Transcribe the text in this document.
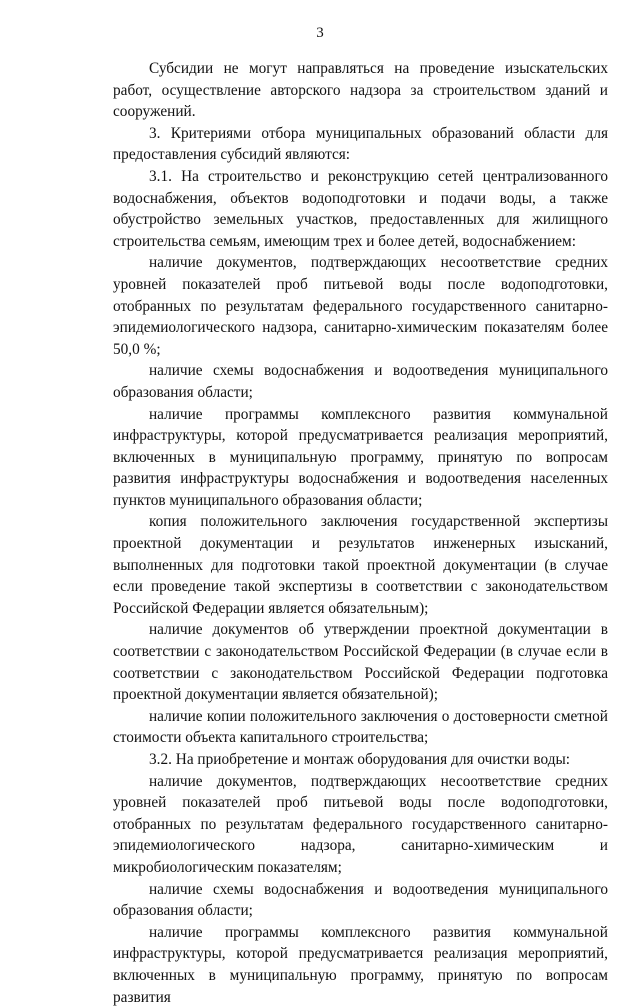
3

Субсидии не могут направляться на проведение изыскательских работ, осуществление авторского надзора за строительством зданий и сооружений.

3. Критериями отбора муниципальных образований области для предоставления субсидий являются:

3.1. На строительство и реконструкцию сетей централизованного водоснабжения, объектов водоподготовки и подачи воды, а также обустройство земельных участков, предоставленных для жилищного строительства семьям, имеющим трех и более детей, водоснабжением:

наличие документов, подтверждающих несоответствие средних уровней показателей проб питьевой воды после водоподготовки, отобранных по результатам федерального государственного санитарно-эпидемиологического надзора, санитарно-химическим показателям более 50,0 %;

наличие схемы водоснабжения и водоотведения муниципального образования области;

наличие программы комплексного развития коммунальной инфраструктуры, которой предусматривается реализация мероприятий, включенных в муниципальную программу, принятую по вопросам развития инфраструктуры водоснабжения и водоотведения населенных пунктов муниципального образования области;

копия положительного заключения государственной экспертизы проектной документации и результатов инженерных изысканий, выполненных для подготовки такой проектной документации (в случае если проведение такой экспертизы в соответствии с законодательством Российской Федерации является обязательным);

наличие документов об утверждении проектной документации в соответствии с законодательством Российской Федерации (в случае если в соответствии с законодательством Российской Федерации подготовка проектной документации является обязательной);

наличие копии положительного заключения о достоверности сметной стоимости объекта капитального строительства;

3.2. На приобретение и монтаж оборудования для очистки воды:

наличие документов, подтверждающих несоответствие средних уровней показателей проб питьевой воды после водоподготовки, отобранных по результатам федерального государственного санитарно-эпидемиологического надзора, санитарно-химическим и микробиологическим показателям;

наличие схемы водоснабжения и водоотведения муниципального образования области;

наличие программы комплексного развития коммунальной инфраструктуры, которой предусматривается реализация мероприятий, включенных в муниципальную программу, принятую по вопросам развития
